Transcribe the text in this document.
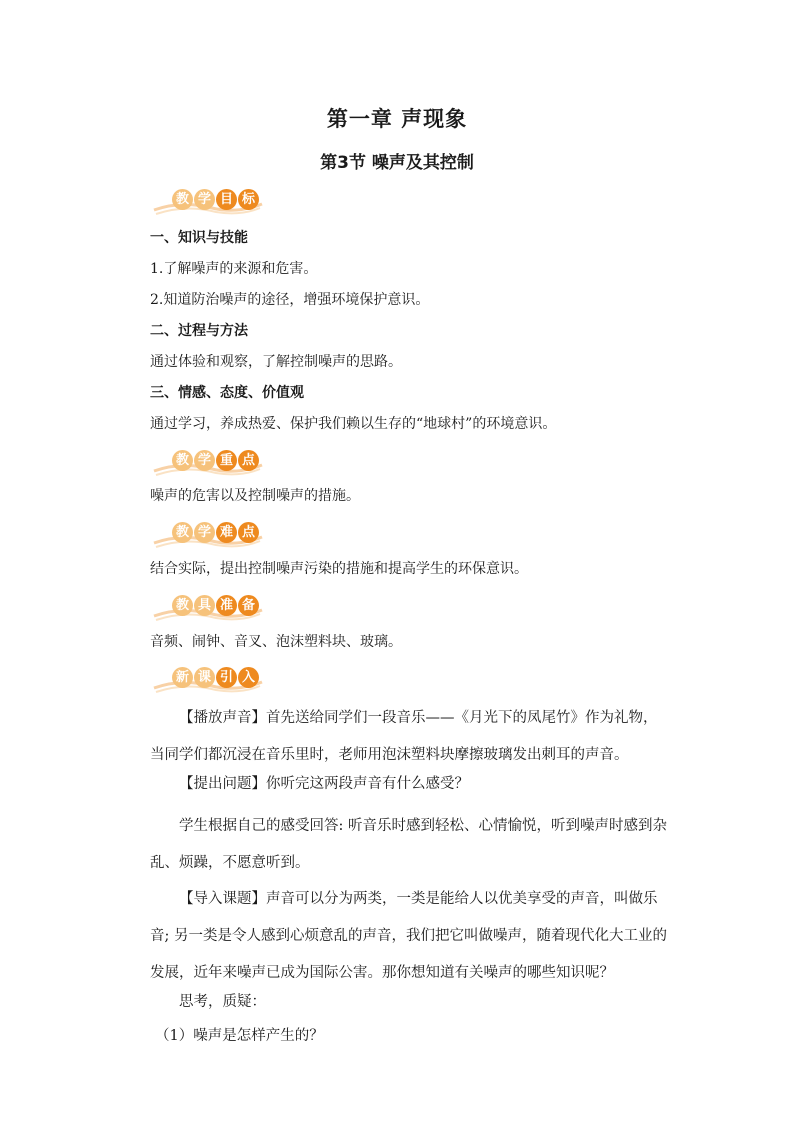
第一章 声现象
第3节 噪声及其控制
教 学 目 标
一、知识与技能
1.了解噪声的来源和危害。
2.知道防治噪声的途径，增强环境保护意识。
二、过程与方法
通过体验和观察，了解控制噪声的思路。
三、情感、态度、价值观
通过学习，养成热爱、保护我们赖以生存的“地球村”的环境意识。
教 学 重 点
噪声的危害以及控制噪声的措施。
教 学 难 点
结合实际，提出控制噪声污染的措施和提高学生的环保意识。
教 具 准 备
音频、闹钟、音叉、泡沫塑料块、玻璃。
新 课 引 入
【播放声音】首先送给同学们一段音乐——《月光下的凤尾竹》作为礼物，当同学们都沉浸在音乐里时，老师用泡沫塑料块摩擦玻璃发出刺耳的声音。
【提出问题】你听完这两段声音有什么感受？
学生根据自己的感受回答: 听音乐时感到轻松、心情愉悦，听到噪声时感到杂乱、烦躁，不愿意听到。
【导入课题】声音可以分为两类，一类是能给人以优美享受的声音，叫做乐音; 另一类是令人感到心烦意乱的声音，我们把它叫做噪声，随着现代化大工业的发展，近年来噪声已成为国际公害。那你想知道有关噪声的哪些知识呢？
思考，质疑：
（1）噪声是怎样产生的？
